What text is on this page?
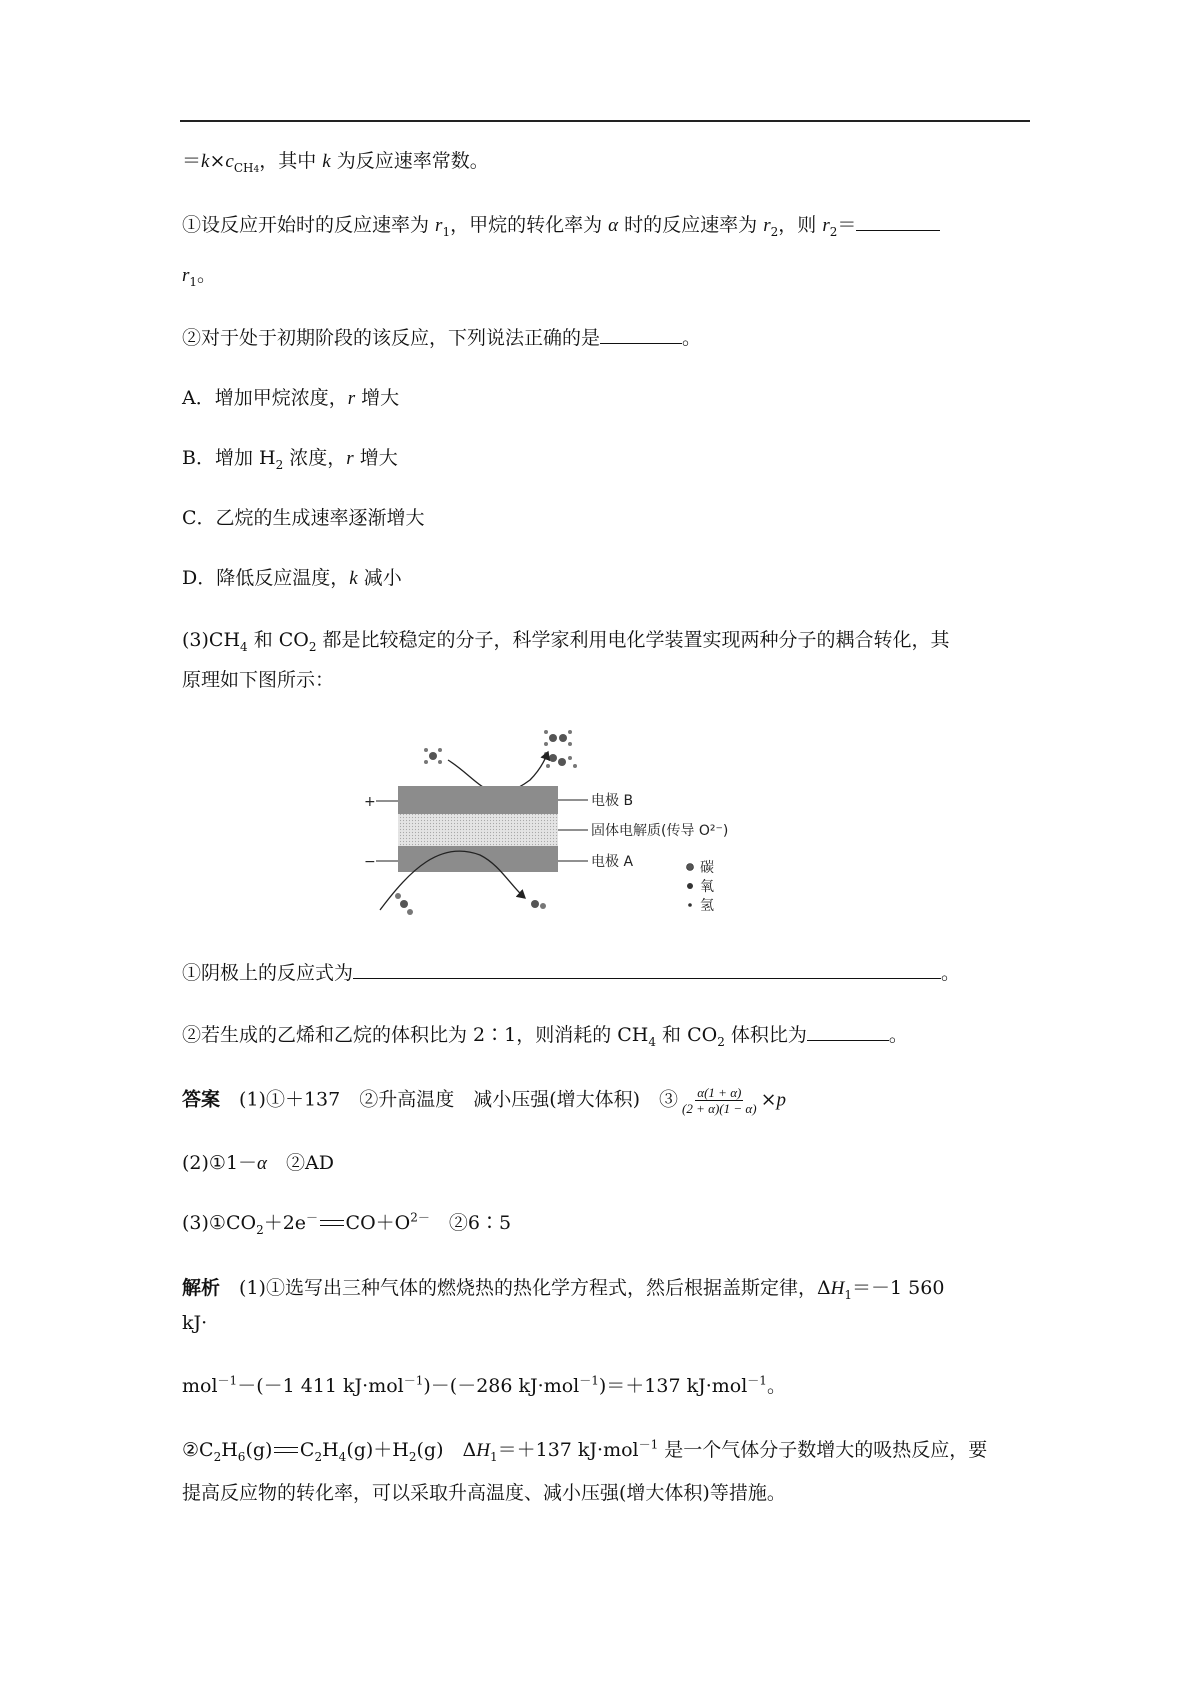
$=k\times c_{CH4}$，其中 k 为反应速率常数。
①设反应开始时的反应速率为 $r_1$，甲烷的转化率为 α 时的反应速率为 $r_2$，则 $r_2=$
$r_1$。
②对于处于初期阶段的该反应，下列说法正确的是	。
A．增加甲烷浓度，r 增大
B．增加 $H_2$ 浓度，r 增大
C．乙烷的生成速率逐渐增大
D．降低反应温度，k 减小
$(3)CH_4$ 和 $CO_2$ 都是比较稳定的分子，科学家利用电化学装置实现两种分子的耦合转化，其
原理如下图所示：
+
−
电极 B
固体电解质(传导 O²⁻)
电极 A	碳
氧
氢
①阴极上的反应式为	。
②若生成的乙烯和乙烷的体积比为 2∶1，则消耗的 $CH_4$ 和 $CO_2$ 体积比为	。
答案　 (1)①＋137　②升高温度　减小压强(增大体积)　③ $\frac{\alpha(1 + \alpha)}{(2 + \alpha)(1 - \alpha)} \times p$
(2)①1－α　②AD
$(3)①CO_2+2e^-$ $CO+O^{2-}$　②6∶5
解析　 (1)①选写出三种气体的燃烧热的热化学方程式，然后根据盖斯定律，$\Delta H_1=-1$ 560
kJ·
mol$^{-1}$－(－1 411 kJ·mol$^{-1}$)－(－286 kJ·mol$^{-1}$)＝＋137 kJ·mol$^{-1}$。
$②C_2H_6(g)$ $C_2H_4(g)+H_2(g)$　$\Delta H_1=+137$ kJ·mol$^{-1}$ 是一个气体分子数增大的吸热反应，要
提高反应物的转化率，可以采取升高温度、减小压强(增大体积)等措施。
